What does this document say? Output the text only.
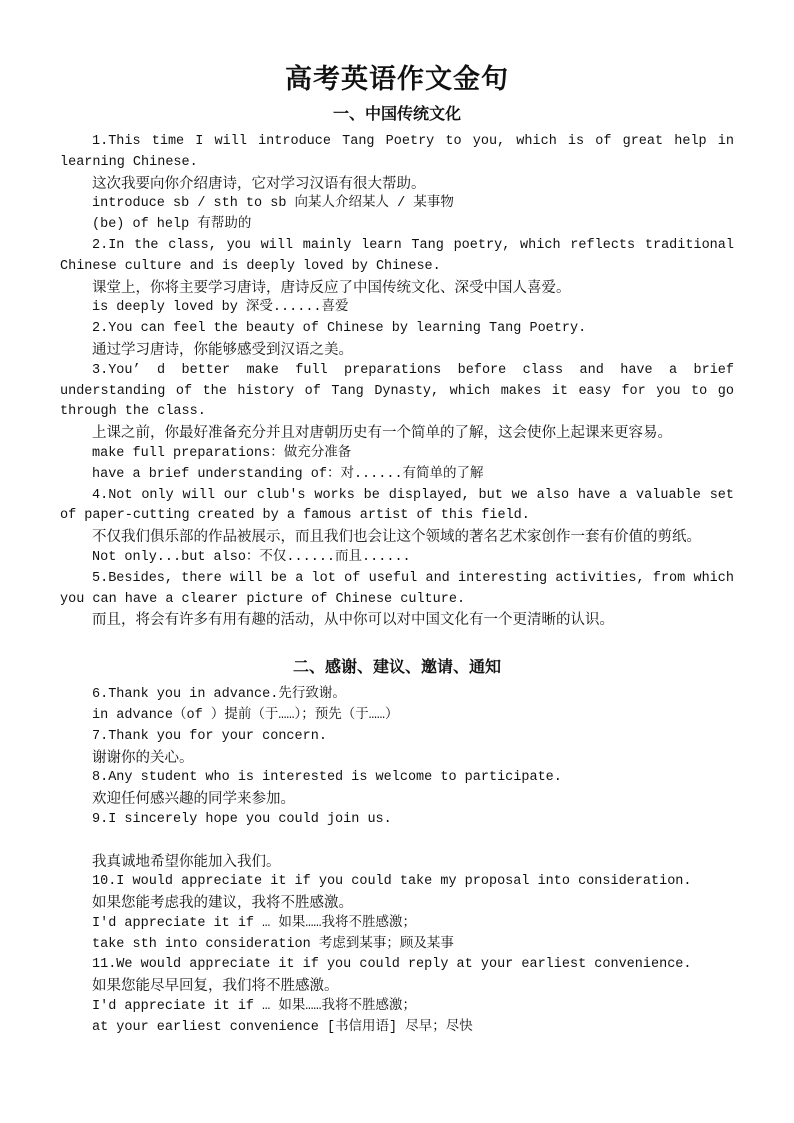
高考英语作文金句
一、中国传统文化

1.This time I will introduce Tang Poetry to you, which is of great help in learning Chinese.

这次我要向你介绍唐诗，它对学习汉语有很大帮助。

introduce sb / sth to sb 向某人介绍某人 / 某事物

(be) of help 有帮助的

2.In the class, you will mainly learn Tang poetry, which reflects traditional Chinese culture and is deeply loved by Chinese.

课堂上，你将主要学习唐诗，唐诗反应了中国传统文化、深受中国人喜爱。

is deeply loved by 深受......喜爱

2.You can feel the beauty of Chinese by learning Tang Poetry.

通过学习唐诗，你能够感受到汉语之美。

3.You’ d better make full preparations before class and have a brief understanding of the history of Tang Dynasty, which makes it easy for you to go through the class.

上课之前，你最好准备充分并且对唐朝历史有一个简单的了解，这会使你上起课来更容易。

make full preparations：做充分准备

have a brief understanding of：对......有简单的了解

4.Not only will our club's works be displayed, but we also have a valuable set of paper-cutting created by a famous artist of this field.

不仅我们俱乐部的作品被展示，而且我们也会让这个领域的著名艺术家创作一套有价值的剪纸。

Not only...but also：不仅......而且......

5.Besides, there will be a lot of useful and interesting activities, from which you can have a clearer picture of Chinese culture.

而且，将会有许多有用有趣的活动，从中你可以对中国文化有一个更清晰的认识。

二、感谢、建议、邀请、通知

6.Thank you in advance.先行致谢。

in advance（of ）提前（于……）；预先（于……）

7.Thank you for your concern.

谢谢你的关心。

8.Any student who is interested is welcome to participate.

欢迎任何感兴趣的同学来参加。

9.I sincerely hope you could join us.

我真诚地希望你能加入我们。

10.I would appreciate it if you could take my proposal into consideration.

如果您能考虑我的建议，我将不胜感激。

I'd appreciate it if … 如果……我将不胜感激；

take sth into consideration 考虑到某事；顾及某事

11.We would appreciate it if you could reply at your earliest convenience.

如果您能尽早回复，我们将不胜感激。

I'd appreciate it if … 如果……我将不胜感激；

at your earliest convenience [书信用语] 尽早；尽快
